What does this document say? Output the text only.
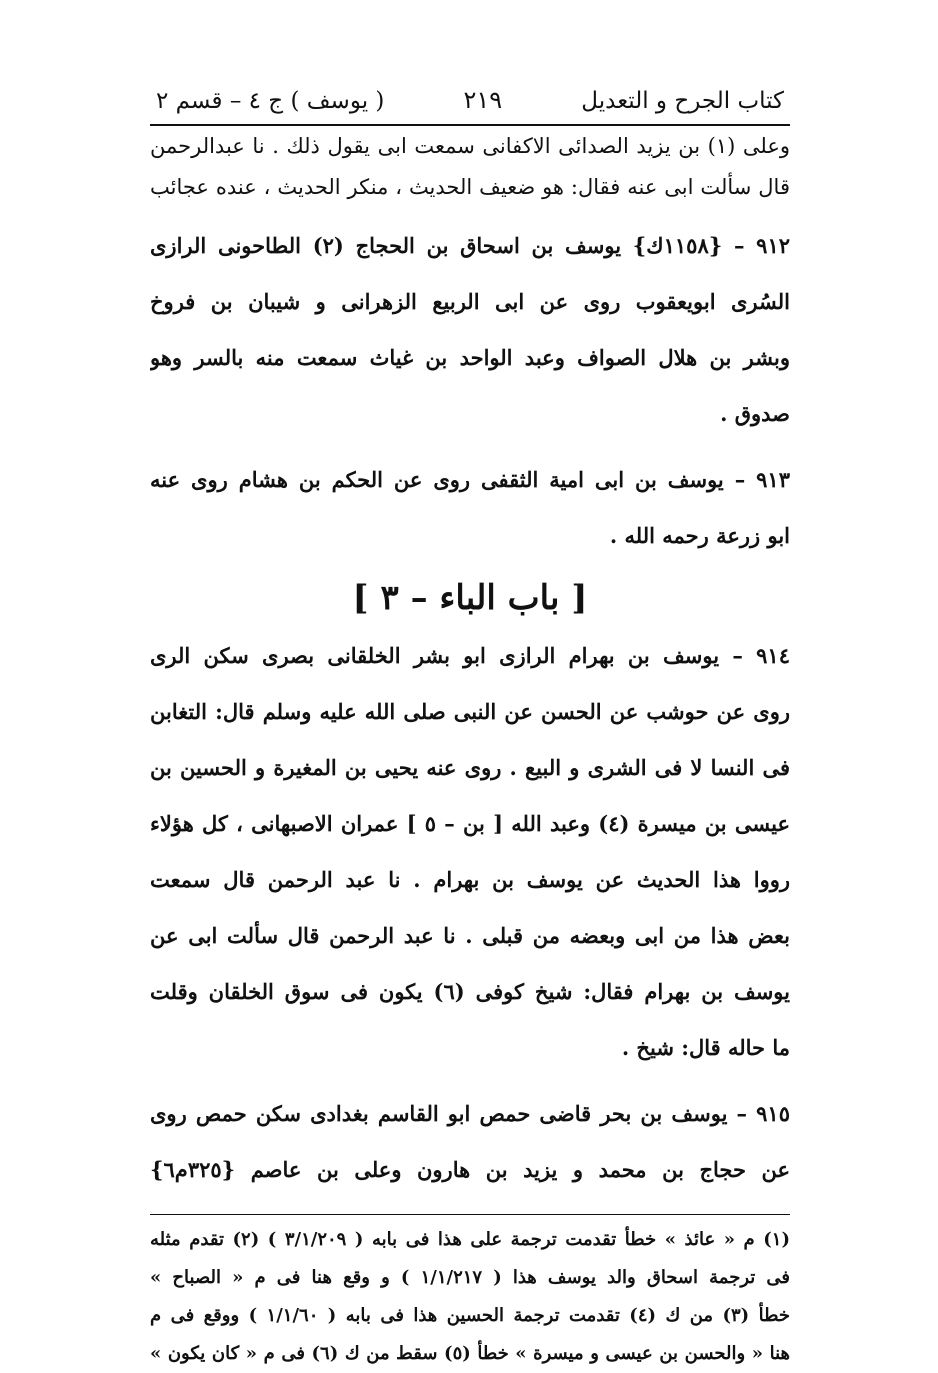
كتاب الجرح و التعديل
٢١٩
( يوسف ) ج ٤ – قسم ٢
وعلى (١) بن يزيد الصدائى الاكفانى سمعت ابى يقول ذلك . نا عبدالرحمن
قال سألت ابى عنه فقال: هو ضعيف الحديث ، منكر الحديث ، عنده عجائب
٩١٢ – {١١٥٨ك} يوسف بن اسحاق بن الحجاج (٢) الطاحونى الرازى
السُرى ابويعقوب روى عن ابى الربيع الزهرانى و شيبان بن فروخ
وبشر بن هلال الصواف وعبد الواحد بن غياث سمعت منه بالسر وهو
صدوق .
٩١٣ – يوسف بن ابى امية الثقفى روى عن الحكم بن هشام روى عنه
ابو زرعة رحمه الله .
[ باب الباء – ٣ ]
٩١٤ – يوسف بن بهرام الرازى ابو بشر الخلقانى بصرى سكن الرى
روى عن حوشب عن الحسن عن النبى صلى الله عليه وسلم قال: التغابن
فى النسا لا فى الشرى و البيع . روى عنه يحيى بن المغيرة و الحسين بن
عيسى بن ميسرة (٤) وعبد الله [ بن – ٥ ] عمران الاصبهانى ، كل هؤلاء
رووا هذا الحديث عن يوسف بن بهرام . نا عبد الرحمن قال سمعت
بعض هذا من ابى وبعضه من قبلى . نا عبد الرحمن قال سألت ابى عن
يوسف بن بهرام فقال: شيخ كوفى (٦) يكون فى سوق الخلقان وقلت
ما حاله قال: شيخ .
٩١٥ – يوسف بن بحر قاضى حمص ابو القاسم بغدادى سكن حمص روى
عن حجاج بن محمد و يزيد بن هارون وعلى بن عاصم {٣٢٥م٦}
(١) م « عائذ » خطأ تقدمت ترجمة على هذا فى بابه ( ٣/١/٢٠٩ ) (٢) تقدم مثله
فى ترجمة اسحاق والد يوسف هذا ( ١/١/٢١٧ ) و وقع هنا فى م « الصباح »
خطأ (٣) من ك (٤) تقدمت ترجمة الحسين هذا فى بابه ( ١/١/٦٠ ) ووقع فى م
هنا « والحسن بن عيسى و ميسرة » خطأ (٥) سقط من ك (٦) فى م « كان يكون »
